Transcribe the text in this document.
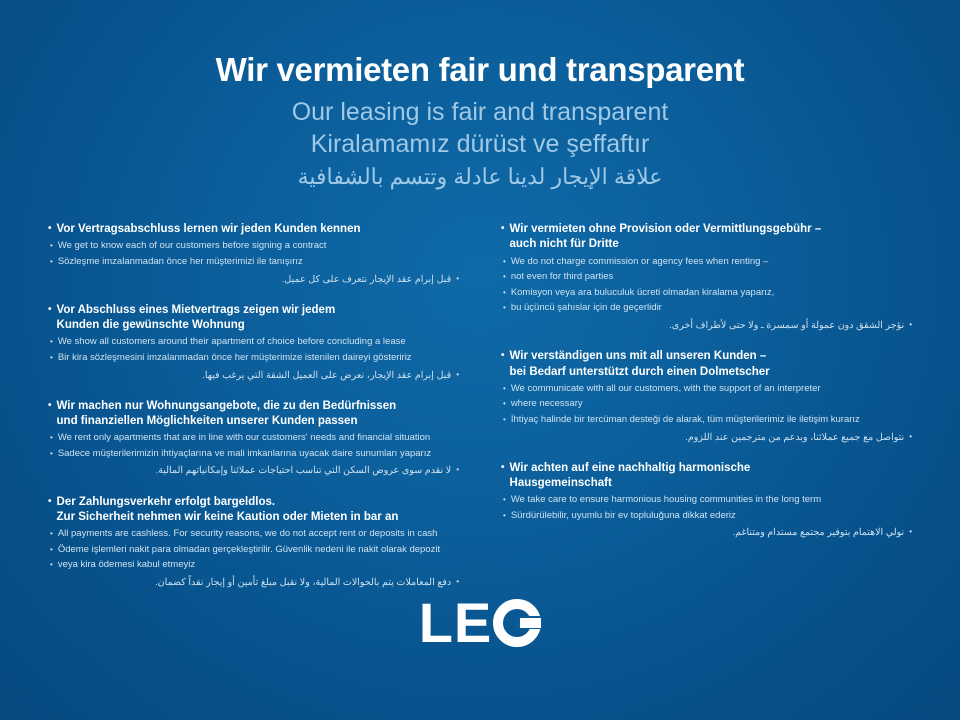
Wir vermieten fair und transparent
Our leasing is fair and transparent
Kiralamamız dürüst ve şeffaftır
علاقة الإيجار لدينا عادلة وتتسم بالشفافية
• Vor Vertragsabschluss lernen wir jeden Kunden kennen
• We get to know each of our customers before signing a contract
• Sözleşme imzalanmadan önce her müşterimizi ile tanışırız
•
قبل إبرام عقد الإيجار نتعرف على كل عميل.
• Vor Abschluss eines Mietvertrags zeigen wir jedem
Kunden die gewünschte Wohnung
• We show all customers around their apartment of choice before concluding a lease
• Bir kira sözleşmesini imzalanmadan önce her müşterimize istenilen daireyi gösteririz
•
قبل إبرام عقد الإيجار، نعرض على العميل الشقة التي يرغب فيها.
• Wir machen nur Wohnungsangebote, die zu den Bedürfnissen
und finanziellen Möglichkeiten unserer Kunden passen
• We rent only apartments that are in line with our customers' needs and financial situation
• Sadece müşterilerimizin ihtiyaçlarına ve mali imkanlarına uyacak daire sunumları yaparız
•
لا نقدم سوى عروض السكن التي تناسب احتياجات عملائنا وإمكانياتهم المالية.
• Der Zahlungsverkehr erfolgt bargeldlos.
Zur Sicherheit nehmen wir keine Kaution oder Mieten in bar an
• All payments are cashless. For security reasons, we do not accept rent or deposits in cash
• Ödeme işlemleri nakit para olmadan gerçekleştirilir. Güvenlik nedeni ile nakit olarak depozit
• veya kira ödemesi kabul etmeyiz
•
دفع المعاملات يتم بالحوالات المالية، ولا نقبل مبلغ تأمين أو إيجار نقداً كضمان.
• Wir vermieten ohne Provision oder Vermittlungsgebühr –
auch nicht für Dritte
• We do not charge commission or agency fees when renting –
• not even for third parties
• Komisyon veya ara buluculuk ücreti olmadan kiralama yaparız,
• bu üçüncü şahıslar için de geçerlidir
•
نؤجر الشقق دون عمولة أو سمسرة ـ ولا حتى لأطراف أخرى.
• Wir verständigen uns mit all unseren Kunden –
bei Bedarf unterstützt durch einen Dolmetscher
• We communicate with all our customers, with the support of an interpreter
• where necessary
• İhtiyaç halinde bir tercüman desteği de alarak, tüm müşterilerimiz ile iletişim kurarız
•
نتواصل مع جميع عملائنا، وبدعم من مترجمين عند اللزوم.
• Wir achten auf eine nachhaltig harmonische
Hausgemeinschaft
• We take care to ensure harmonious housing communities in the long term
• Sürdürülebilir, uyumlu bir ev topluluğuna dikkat ederiz
•
نولي الاهتمام بتوفير مجتمع مستدام ومتناغم.
LE
